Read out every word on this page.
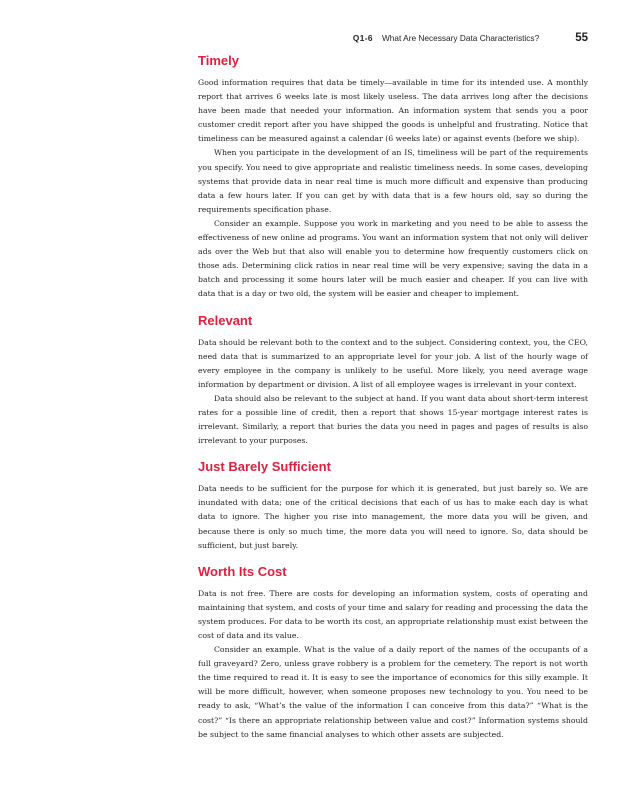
Q1-6 What Are Necessary Data Characteristics?	55
Timely

Good information requires that data be timely—available in time for its intended use. A monthly report that arrives 6 weeks late is most likely useless. The data arrives long after the decisions have been made that needed your information. An information system that sends you a poor customer credit report after you have shipped the goods is unhelpful and frustrating. Notice that timeliness can be measured against a calendar (6 weeks late) or against events (before we ship).

When you participate in the development of an IS, timeliness will be part of the requirements you specify. You need to give appropriate and realistic timeliness needs. In some cases, developing systems that provide data in near real time is much more difficult and expensive than producing data a few hours later. If you can get by with data that is a few hours old, say so during the requirements specification phase.

Consider an example. Suppose you work in marketing and you need to be able to assess the effectiveness of new online ad programs. You want an information system that not only will deliver ads over the Web but that also will enable you to determine how frequently customers click on those ads. Determining click ratios in near real time will be very expensive; saving the data in a batch and processing it some hours later will be much easier and cheaper. If you can live with data that is a day or two old, the system will be easier and cheaper to implement.

Relevant

Data should be relevant both to the context and to the subject. Considering context, you, the CEO, need data that is summarized to an appropriate level for your job. A list of the hourly wage of every employee in the company is unlikely to be useful. More likely, you need average wage information by department or division. A list of all employee wages is irrelevant in your context.

Data should also be relevant to the subject at hand. If you want data about short-term interest rates for a possible line of credit, then a report that shows 15-year mortgage interest rates is irrelevant. Similarly, a report that buries the data you need in pages and pages of results is also irrelevant to your purposes.

Just Barely Sufficient

Data needs to be sufficient for the purpose for which it is generated, but just barely so. We are inundated with data; one of the critical decisions that each of us has to make each day is what data to ignore. The higher you rise into management, the more data you will be given, and because there is only so much time, the more data you will need to ignore. So, data should be sufficient, but just barely.

Worth Its Cost

Data is not free. There are costs for developing an information system, costs of operating and maintaining that system, and costs of your time and salary for reading and processing the data the system produces. For data to be worth its cost, an appropriate relationship must exist between the cost of data and its value.

Consider an example. What is the value of a daily report of the names of the occupants of a full graveyard? Zero, unless grave robbery is a problem for the cemetery. The report is not worth the time required to read it. It is easy to see the importance of economics for this silly example. It will be more difficult, however, when someone proposes new technology to you. You need to be ready to ask, “What’s the value of the information I can conceive from this data?” “What is the cost?” “Is there an appropriate relationship between value and cost?” Information systems should be subject to the same financial analyses to which other assets are subjected.
